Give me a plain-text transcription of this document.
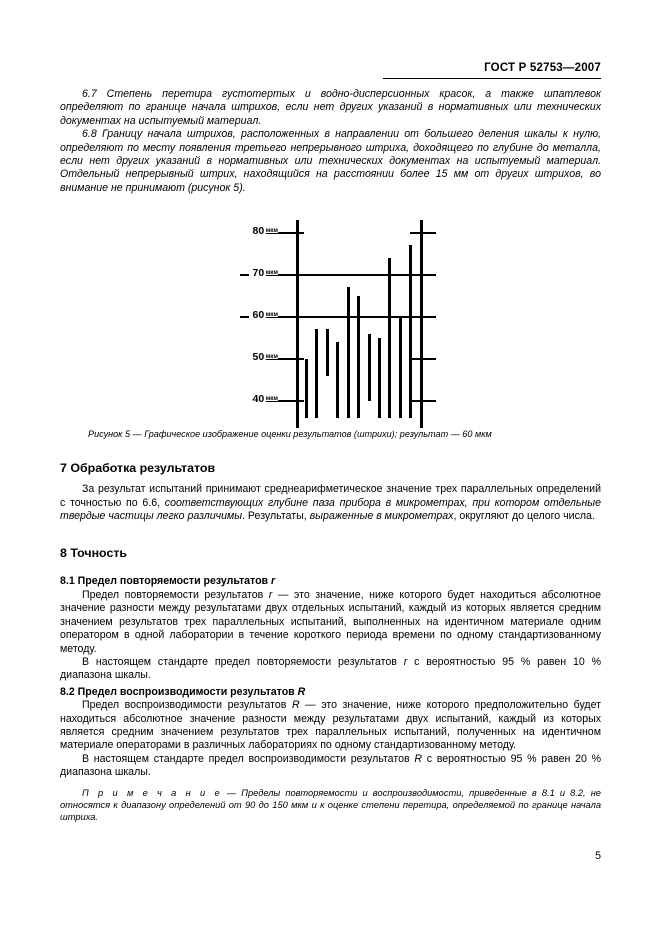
ГОСТ Р 52753—2007

6.7 Степень перетира густотертых и водно-дисперсионных красок, а также шпатлевок определяют по границе начала штрихов, если нет других указаний в нормативных или технических документах на испытуемый материал.

6.8 Границу начала штрихов, расположенных в направлении от большего деления шкалы к нулю, определяют по месту появления третьего непрерывного штриха, доходящего по глубине до металла, если нет других указаний в нормативных или технических документах на испытуемый материал. Отдельный непрерывный штрих, находящийся на расстоянии более 15 мм от других штрихов, во внимание не принимают (рисунок 5).

7 Обработка результатов

За результат испытаний принимают среднеарифметическое значение трех параллельных определений с точностью по 6.6, соответствующих глубине паза прибора в микрометрах, при котором отдельные твердые частицы легко различимы. Результаты, выраженные в микрометрах, округляют до целого числа.

8 Точность

8.1 Предел повторяемости результатов r

Предел повторяемости результатов r — это значение, ниже которого будет находиться абсолютное значение разности между результатами двух отдельных испытаний, каждый из которых является средним значением результатов трех параллельных испытаний, выполненных на идентичном материале одним оператором в одной лаборатории в течение короткого периода времени по одному стандартизованному методу.

В настоящем стандарте предел повторяемости результатов r с вероятностью 95 % равен 10 % диапазона шкалы.

8.2 Предел воспроизводимости результатов R

Предел воспроизводимости результатов R — это значение, ниже которого предположительно будет находиться абсолютное значение разности между результатами двух испытаний, каждый из которых является средним значением результатов трех параллельных испытаний, полученных на идентичном материале операторами в различных лабораториях по одному стандартизованному методу.

В настоящем стандарте предел воспроизводимости результатов R с вероятностью 95 % равен 20 % диапазона шкалы.

П р и м е ч а н и е — Пределы повторяемости и воспроизводимости, приведенные в 8.1 и 8.2, не относятся к диапазону определений от 90 до 150 мкм и к оценке степени перетира, определяемой по границе начала штриха.

80 мкм
70 мкм
60 мкм
50 мкм
40 мкм
Рисунок 5 — Графическое изображение оценки результатов (штрихи); результат — 60 мкм
5
